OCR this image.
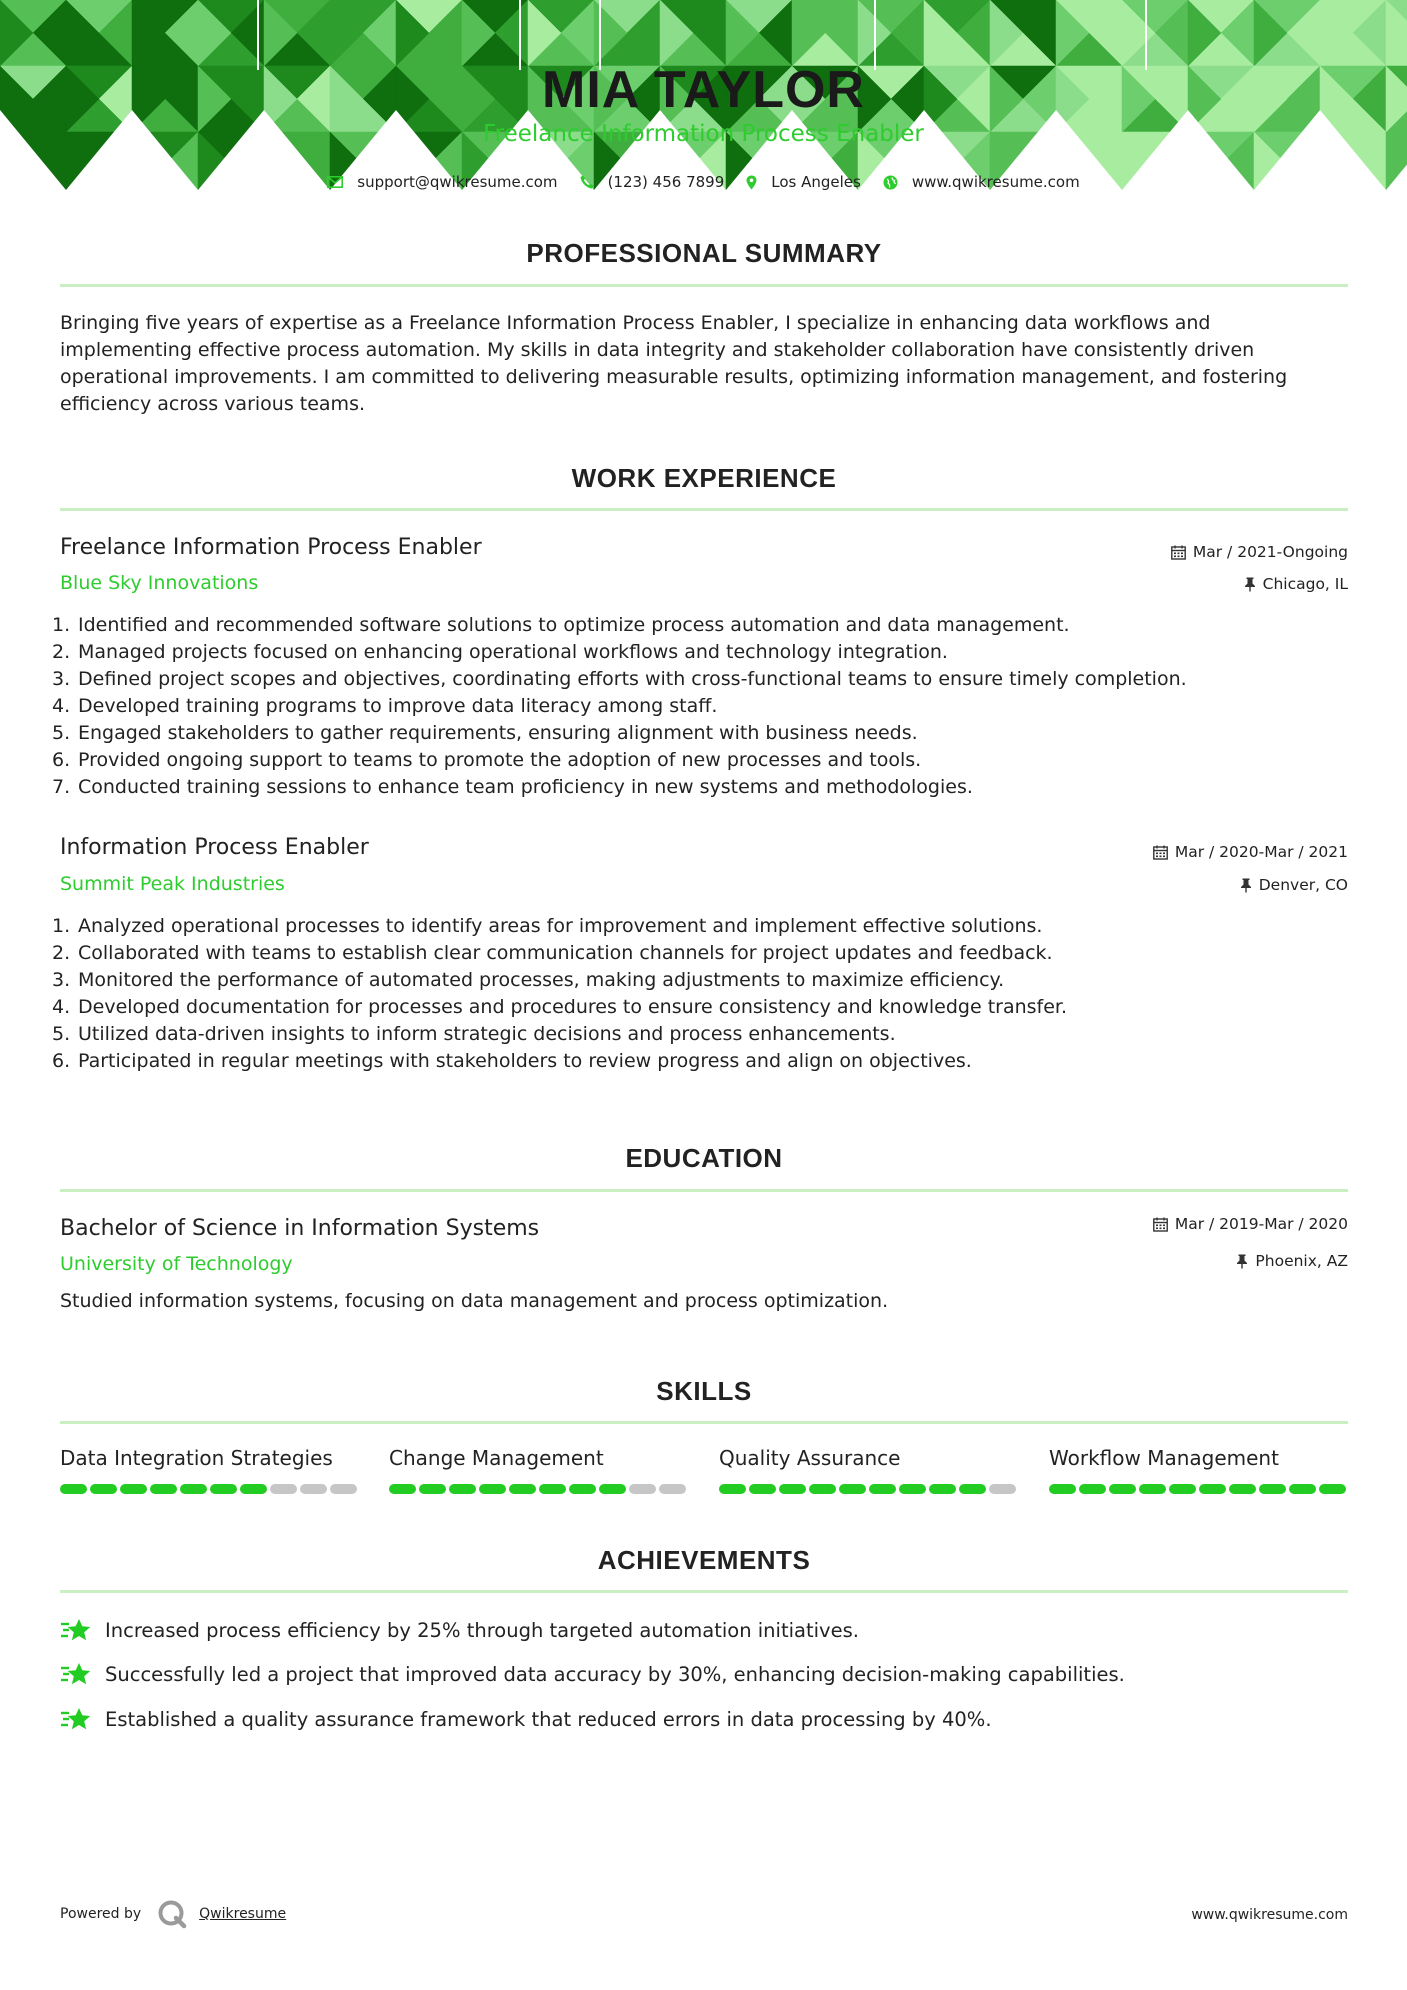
MIA TAYLOR
Freelance Information Process Enabler
support@qwikresume.com	(123) 456 7899	Los Angeles	www.qwikresume.com
PROFESSIONAL SUMMARY
Bringing five years of expertise as a Freelance Information Process Enabler, I specialize in enhancing data workflows and
implementing effective process automation. My skills in data integrity and stakeholder collaboration have consistently driven
operational improvements. I am committed to delivering measurable results, optimizing information management, and fostering
efficiency across various teams.
WORK EXPERIENCE
Freelance Information Process Enabler	Mar / 2021-Ongoing
Blue Sky Innovations	Chicago, IL
1. Identified and recommended software solutions to optimize process automation and data management.
2. Managed projects focused on enhancing operational workflows and technology integration.
3. Defined project scopes and objectives, coordinating efforts with cross-functional teams to ensure timely completion.
4. Developed training programs to improve data literacy among staff.
5. Engaged stakeholders to gather requirements, ensuring alignment with business needs.
6. Provided ongoing support to teams to promote the adoption of new processes and tools.
7. Conducted training sessions to enhance team proficiency in new systems and methodologies.
Information Process Enabler	Mar / 2020-Mar / 2021
Summit Peak Industries	Denver, CO
1. Analyzed operational processes to identify areas for improvement and implement effective solutions.
2. Collaborated with teams to establish clear communication channels for project updates and feedback.
3. Monitored the performance of automated processes, making adjustments to maximize efficiency.
4. Developed documentation for processes and procedures to ensure consistency and knowledge transfer.
5. Utilized data-driven insights to inform strategic decisions and process enhancements.
6. Participated in regular meetings with stakeholders to review progress and align on objectives.
EDUCATION
Bachelor of Science in Information Systems	Mar / 2019-Mar / 2020
University of Technology	Phoenix, AZ
Studied information systems, focusing on data management and process optimization.
SKILLS
Data Integration Strategies	Change Management	Quality Assurance	Workflow Management
ACHIEVEMENTS
Increased process efficiency by 25% through targeted automation initiatives.
Successfully led a project that improved data accuracy by 30%, enhancing decision-making capabilities.
Established a quality assurance framework that reduced errors in data processing by 40%.
Powered by	Qwikresume	www.qwikresume.com
